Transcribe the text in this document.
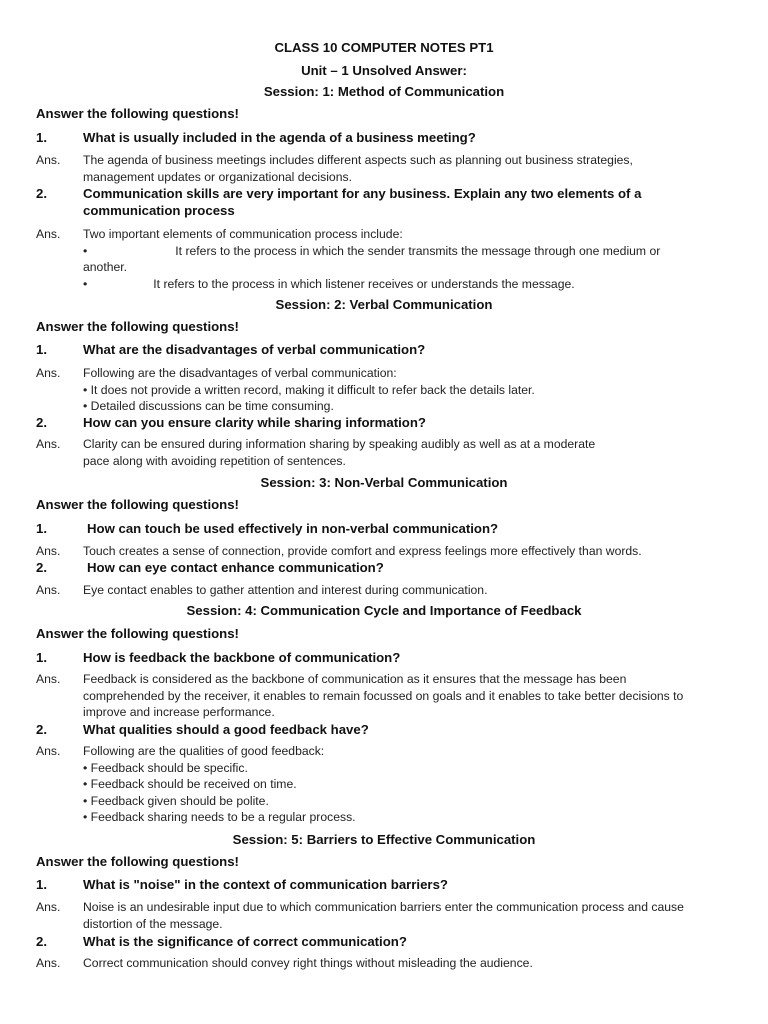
CLASS 10 COMPUTER NOTES PT1
Unit – 1 Unsolved Answer:
Session: 1: Method of Communication
Answer the following questions!
1.	What is usually included in the agenda of a business meeting?
Ans. The agenda of business meetings includes different aspects such as planning out business strategies,
management updates or organizational decisions.
2.	Communication skills are very important for any business. Explain any two elements of a communication process
Ans. Two important elements of communication process include:
•	It refers to the process in which the sender transmits the message through one medium or
another.
•	It refers to the process in which listener receives or understands the message.
Session: 2: Verbal Communication
Answer the following questions!
1.	What are the disadvantages of verbal communication?
Ans. Following are the disadvantages of verbal communication:
• It does not provide a written record, making it difficult to refer back the details later.
• Detailed discussions can be time consuming.
2.	How can you ensure clarity while sharing information?
Ans. Clarity can be ensured during information sharing by speaking audibly as well as at a moderate
pace along with avoiding repetition of sentences.
Session: 3: Non-Verbal Communication
Answer the following questions!
1.	How can touch be used effectively in non-verbal communication?
Ans. Touch creates a sense of connection, provide comfort and express feelings more effectively than words.
2.	How can eye contact enhance communication?
Ans. Eye contact enables to gather attention and interest during communication.
Session: 4: Communication Cycle and Importance of Feedback
Answer the following questions!
1.	How is feedback the backbone of communication?
Ans. Feedback is considered as the backbone of communication as it ensures that the message has been
comprehended by the receiver, it enables to remain focussed on goals and it enables to take better decisions to
improve and increase performance.
2.	What qualities should a good feedback have?
Ans. Following are the qualities of good feedback:
• Feedback should be specific.
• Feedback should be received on time.
• Feedback given should be polite.
• Feedback sharing needs to be a regular process.
Session: 5: Barriers to Effective Communication
Answer the following questions!
1.	What is "noise" in the context of communication barriers?
Ans. Noise is an undesirable input due to which communication barriers enter the communication process and cause
distortion of the message.
2.	What is the significance of correct communication?
Ans. Correct communication should convey right things without misleading the audience.
